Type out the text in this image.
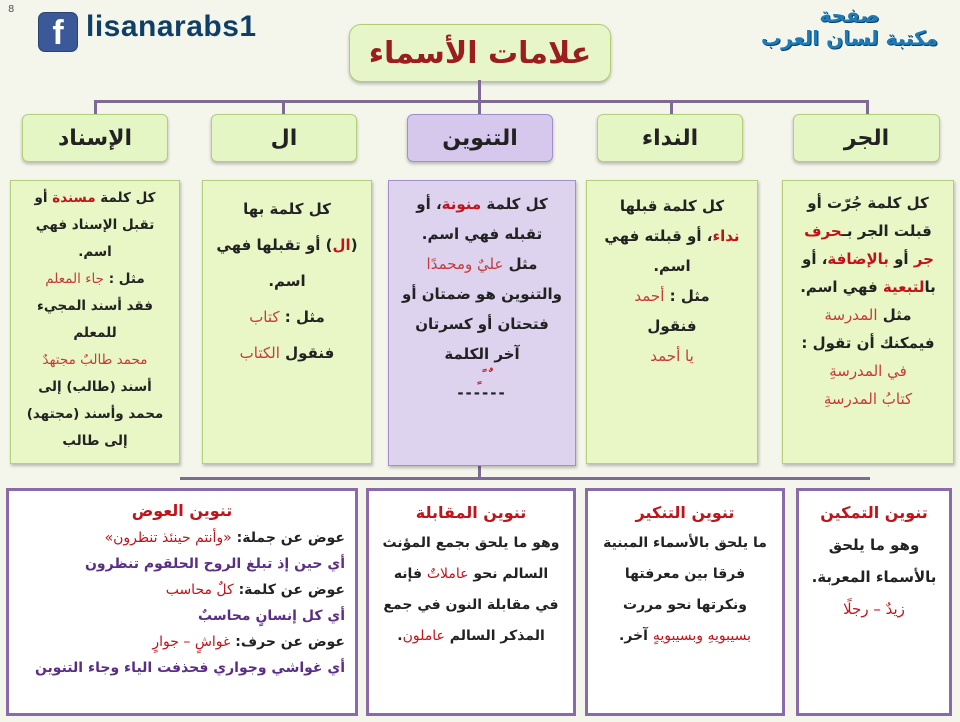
8
f lisanarabs1	صفحة
مكتبة لسان العرب
علامات الأسماء
الجر
النداء
التنوين
ال
الإسناد
كل كلمة جُرّت أو
قبلت الجر بـحرف
جر أو بالإضافة، أو
بالتبعية فهي اسم.
مثل المدرسة
فيمكنك أن تقول :
في المدرسةِ
كتابُ المدرسةِ
كل كلمة قبلها
نداء، أو قبلته فهي
اسم.
مثل : أحمد
فنقول
يا أحمد
كل كلمة منونة، أو
تقبله فهي اسم.
مثل عليٌ ومحمدًا
والتنوين هو ضمتان أو
فتحتان أو كسرتان
آخر الكلمة
ٌ ً ٍ
------
كل كلمة بها
(ال) أو تقبلها فهي
اسم.
مثل : كتاب
فنقول الكتاب
كل كلمة مسندة أو
تقبل الإسناد فهي
اسم.
مثل : جاء المعلم
فقد أسند المجيء
للمعلم
محمد طالبٌ مجتهدٌ
أسند (طالب) إلى
محمد وأسند (مجتهد)
إلى طالب
تنوين التمكين
وهو ما يلحق
بالأسماء المعربة.
زيدٌ – رجلًا
تنوين التنكير
ما يلحق بالأسماء المبنية
فرقا بين معرفتها
ونكرتها نحو مررت
بسيبويهِ وبسيبويهٍ آخر.
تنوين المقابلة
وهو ما يلحق بجمع المؤنث
السالم نحو عاملاتٌ فإنه
في مقابلة النون في جمع
المذكر السالم عاملون.
تنوين العوض
عوض عن جملة: «وأنتم حينئذ تنظرون»
أي حين إذ تبلغ الروح الحلقوم تنظرون
عوض عن كلمة: كلٌ محاسب
أي كل إنسانٍ محاسبٌ
عوض عن حرف: غواشٍ – جوارٍ
أي غواشي وجواري فحذفت الياء وجاء التنوين
